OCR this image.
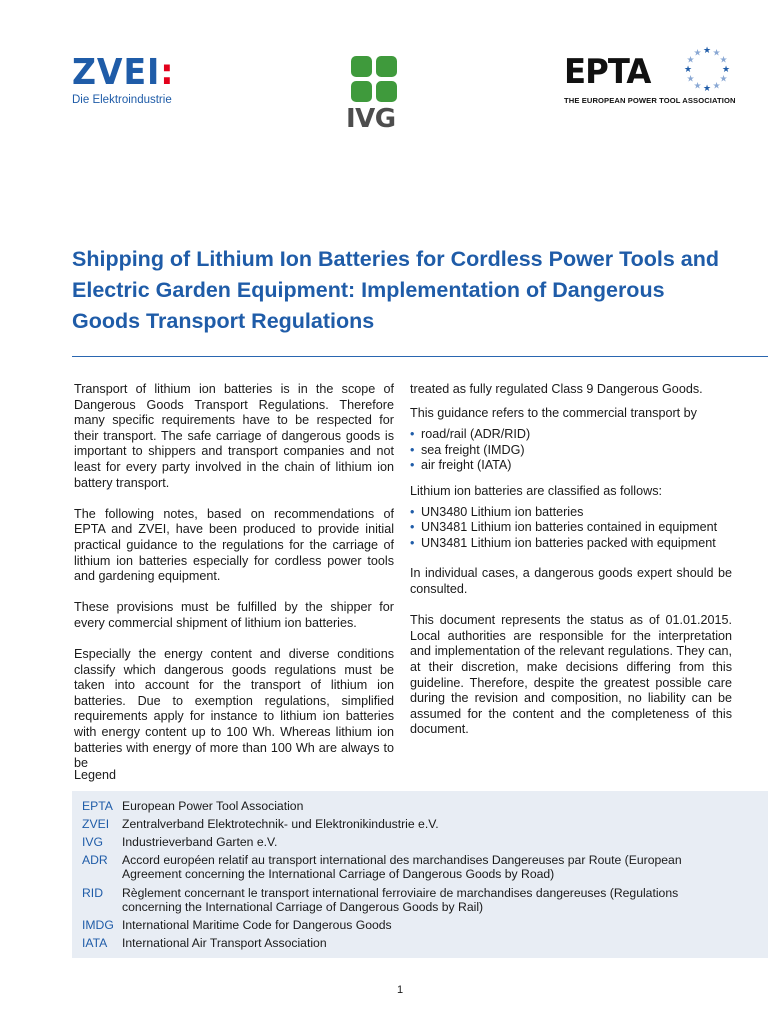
ZVEI:
Die Elektroindustrie
IVG
EPTA
★ ★
★
★
★
★
★
★
★
★
★
★
THE EUROPEAN POWER TOOL ASSOCIATION
Shipping of Lithium Ion Batteries for Cordless Power Tools and Electric Garden Equipment: Implementation of Dangerous Goods Transport Regulations

Transport of lithium ion batteries is in the scope of Dangerous Goods Transport Regulations. Therefore many specific requirements have to be respected for their transport. The safe carriage of dangerous goods is important to shippers and transport companies and not least for every party involved in the chain of lithium ion battery transport.

The following notes, based on recommendations of EPTA and ZVEI, have been produced to provide initial practical guidance to the regulations for the carriage of lithium ion batteries especially for cordless power tools and gardening equipment.

These provisions must be fulfilled by the shipper for every commercial shipment of lithium ion batteries.

Especially the energy content and diverse conditions classify which dangerous goods regulations must be taken into account for the transport of lithium ion batteries. Due to exemption regulations, simplified requirements apply for instance to lithium ion batteries with energy content up to 100 Wh. Whereas lithium ion batteries with energy of more than 100 Wh are always to be

treated as fully regulated Class 9 Dangerous Goods.

This guidance refers to the commercial transport by

• road/rail (ADR/RID)
• sea freight (IMDG)
• air freight (IATA)

Lithium ion batteries are classified as follows:

• UN3480 Lithium ion batteries
• UN3481 Lithium ion batteries contained in equipment
• UN3481 Lithium ion batteries packed with equipment

In individual cases, a dangerous goods expert should be consulted.

This document represents the status as of 01.01.2015. Local authorities are responsible for the interpretation and implementation of the relevant regulations. They can, at their discretion, make decisions differing from this guideline. Therefore, despite the greatest possible care during the revision and composition, no liability can be assumed for the content and the completeness of this document.

Legend
EPTA European Power Tool Association
ZVEI	Zentralverband Elektrotechnik- und Elektronikindustrie e.V.
IVG	Industrieverband Garten e.V.
ADR	Accord européen relatif au transport international des marchandises Dangereuses par Route (European Agreement concerning the International Carriage of Dangerous Goods by Road)
RID	Règlement concernant le transport international ferroviaire de marchandises dangereuses (Regulations concerning the International Carriage of Dangerous Goods by Rail)
IMDG International Maritime Code for Dangerous Goods
IATA	International Air Transport Association
1
